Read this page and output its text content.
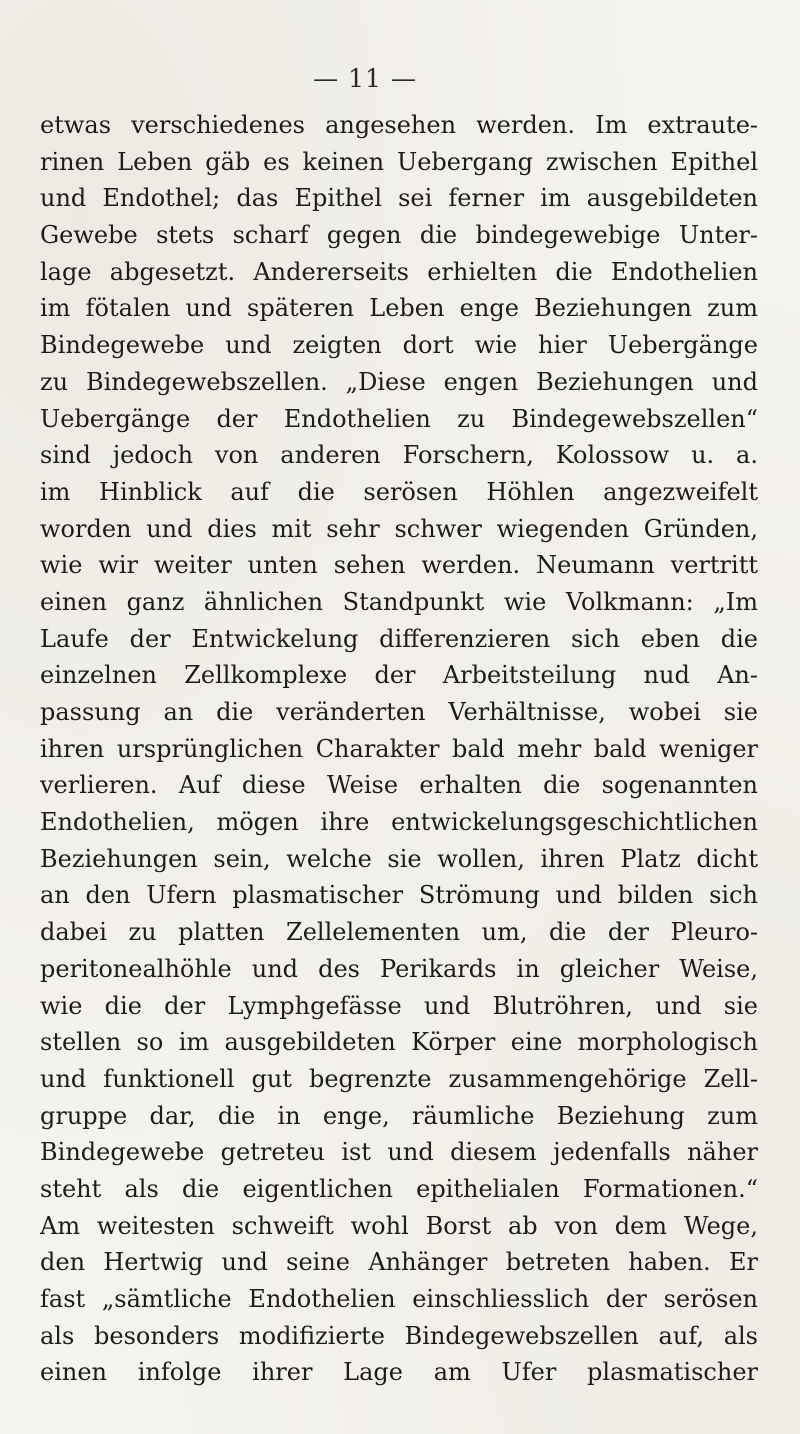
— 11 —
etwas verschiedenes angesehen werden. Im extraute-
rinen Leben gäb es keinen Uebergang zwischen Epithel
und Endothel; das Epithel sei ferner im ausgebildeten
Gewebe stets scharf gegen die bindegewebige Unter-
lage abgesetzt. Andererseits erhielten die Endothelien
im fötalen und späteren Leben enge Beziehungen zum
Bindegewebe und zeigten dort wie hier Uebergänge
zu Bindegewebszellen. „Diese engen Beziehungen und
Uebergänge der Endothelien zu Bindegewebszellen“
sind jedoch von anderen Forschern, Kolossow u. a.
im Hinblick auf die serösen Höhlen angezweifelt
worden und dies mit sehr schwer wiegenden Gründen,
wie wir weiter unten sehen werden. Neumann vertritt
einen ganz ähnlichen Standpunkt wie Volkmann: „Im
Laufe der Entwickelung differenzieren sich eben die
einzelnen Zellkomplexe der Arbeitsteilung nud An-
passung an die veränderten Verhältnisse, wobei sie
ihren ursprünglichen Charakter bald mehr bald weniger
verlieren. Auf diese Weise erhalten die sogenannten
Endothelien, mögen ihre entwickelungsgeschichtlichen
Beziehungen sein, welche sie wollen, ihren Platz dicht
an den Ufern plasmatischer Strömung und bilden sich
dabei zu platten Zellelementen um, die der Pleuro-
peritonealhöhle und des Perikards in gleicher Weise,
wie die der Lymphgefässe und Blutröhren, und sie
stellen so im ausgebildeten Körper eine morphologisch
und funktionell gut begrenzte zusammengehörige Zell-
gruppe dar, die in enge, räumliche Beziehung zum
Bindegewebe getreteu ist und diesem jedenfalls näher
steht als die eigentlichen epithelialen Formationen.“
Am weitesten schweift wohl Borst ab von dem Wege,
den Hertwig und seine Anhänger betreten haben. Er
fast „sämtliche Endothelien einschliesslich der serösen
als besonders modifizierte Bindegewebszellen auf, als
einen infolge ihrer Lage am Ufer plasmatischer
